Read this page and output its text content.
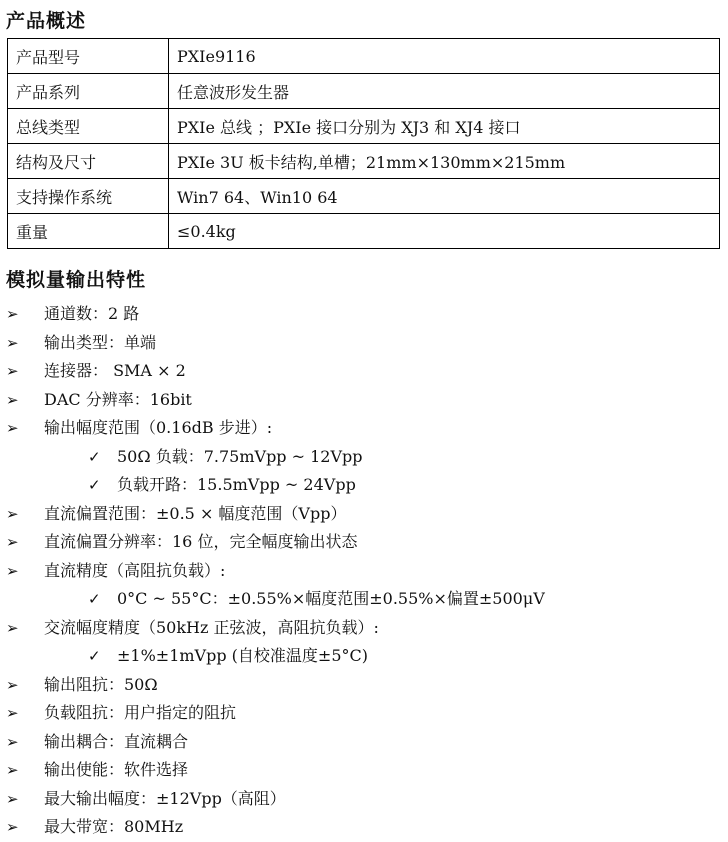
产品概述
产品型号	PXIe9116
产品系列	任意波形发生器
总线类型	PXIe 总线 ；PXIe 接口分别为 XJ3 和 XJ4 接口
结构及尺寸	PXIe 3U 板卡结构,单槽；21mm×130mm×215mm
支持操作系统	Win7 64、Win10 64
重量	≤0.4kg
模拟量输出特性
➢ 通道数：2 路
➢ 输出类型：单端
➢ 连接器： SMA × 2
➢ DAC 分辨率：16bit
➢ 输出幅度范围（0.16dB 步进）:
✓ 50Ω 负载：7.75mVpp ~ 12Vpp
✓ 负载开路：15.5mVpp ~ 24Vpp
➢ 直流偏置范围：±0.5 × 幅度范围（Vpp）
➢ 直流偏置分辨率：16 位，完全幅度输出状态
➢ 直流精度（高阻抗负载）:
✓ 0°C ~ 55°C：±0.55%×幅度范围±0.55%×偏置±500μV
➢ 交流幅度精度（50kHz 正弦波，高阻抗负载）:
✓ ±1%±1mVpp (自校准温度±5°C)
➢ 输出阻抗：50Ω
➢ 负载阻抗：用户指定的阻抗
➢ 输出耦合：直流耦合
➢ 输出使能：软件选择
➢ 最大输出幅度：±12Vpp（高阻）
➢ 最大带宽：80MHz
